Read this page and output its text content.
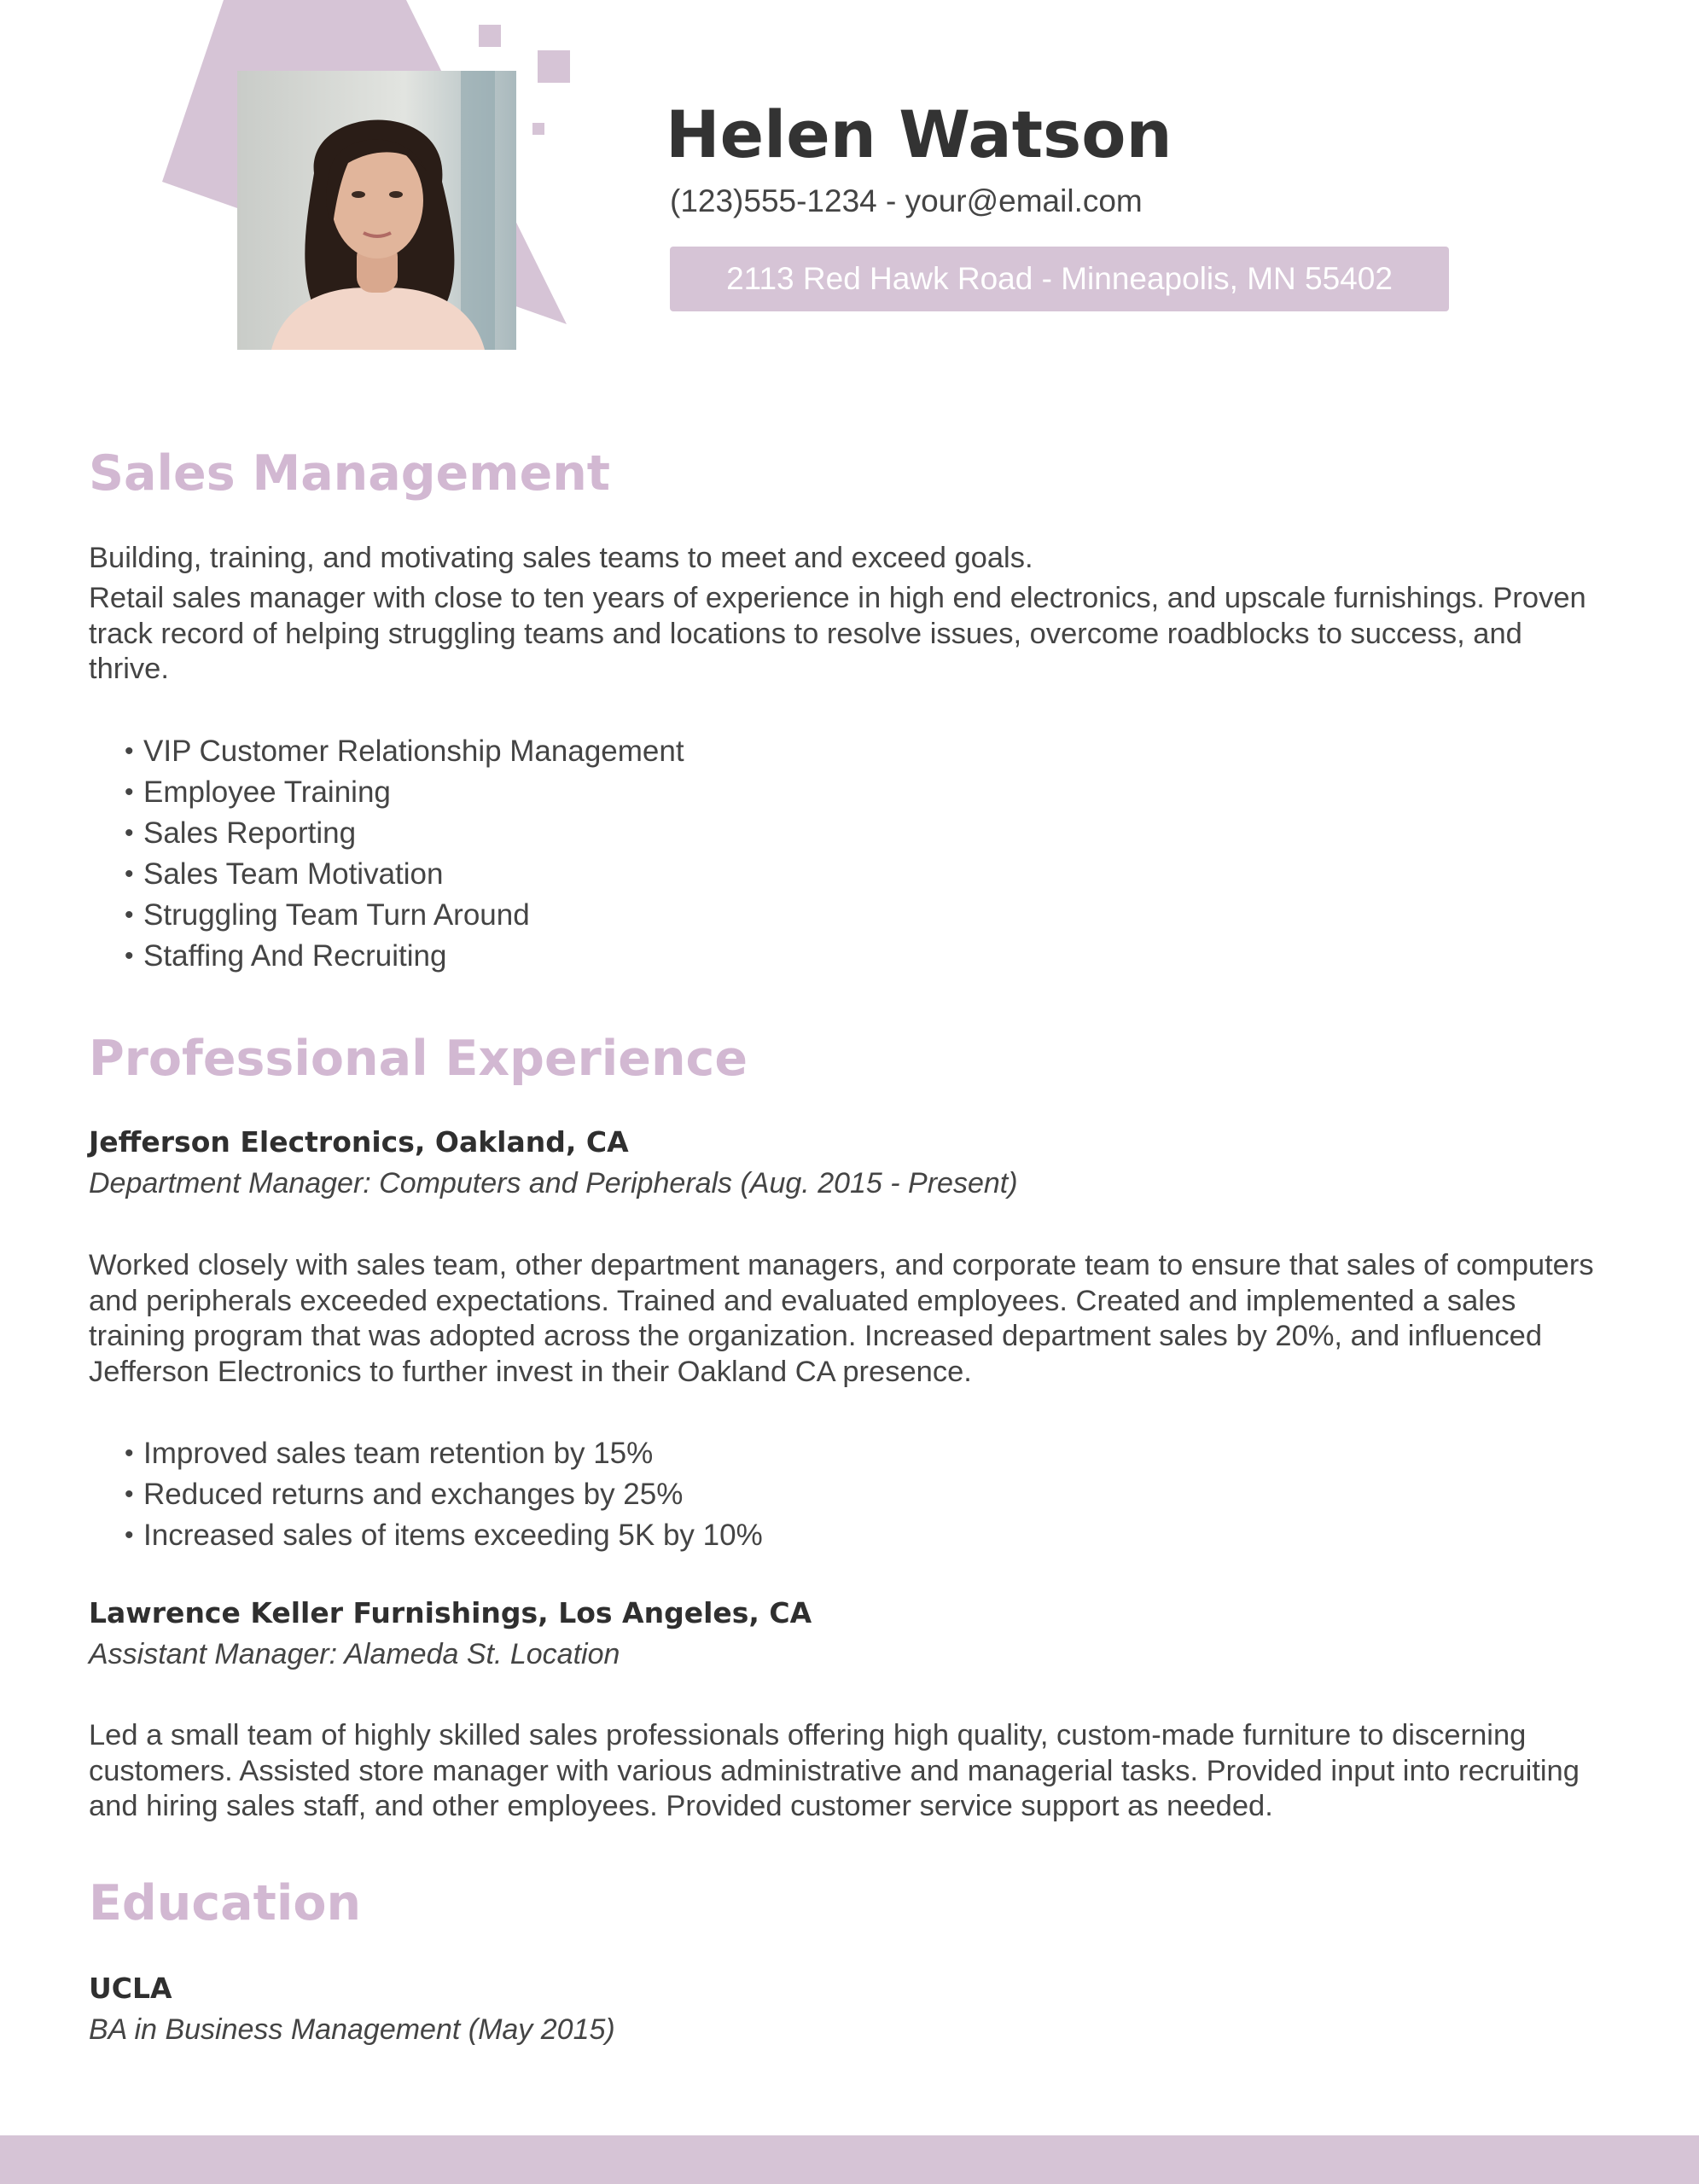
Helen Watson
(123)555-1234 - your@email.com
2113 Red Hawk Road - Minneapolis, MN 55402
Sales Management

Building, training, and motivating sales teams to meet and exceed goals.

Retail sales manager with close to ten years of experience in high end electronics, and upscale furnishings. Proven track record of helping struggling teams and locations to resolve issues, overcome roadblocks to success, and thrive.

• VIP Customer Relationship Management
• Employee Training
• Sales Reporting
• Sales Team Motivation
• Struggling Team Turn Around
• Staffing And Recruiting
Professional Experience
Jefferson Electronics, Oakland, CA

Department Manager: Computers and Peripherals (Aug. 2015 - Present)

Worked closely with sales team, other department managers, and corporate team to ensure that sales of computers and peripherals exceeded expectations. Trained and evaluated employees. Created and implemented a sales training program that was adopted across the organization. Increased department sales by 20%, and influenced Jefferson Electronics to further invest in their Oakland CA presence.

• Improved sales team retention by 15%
• Reduced returns and exchanges by 25%
• Increased sales of items exceeding 5K by 10%
Lawrence Keller Furnishings, Los Angeles, CA

Assistant Manager: Alameda St. Location

Led a small team of highly skilled sales professionals offering high quality, custom-made furniture to discerning customers. Assisted store manager with various administrative and managerial tasks. Provided input into recruiting and hiring sales staff, and other employees. Provided customer service support as needed.

Education
UCLA

BA in Business Management (May 2015)
